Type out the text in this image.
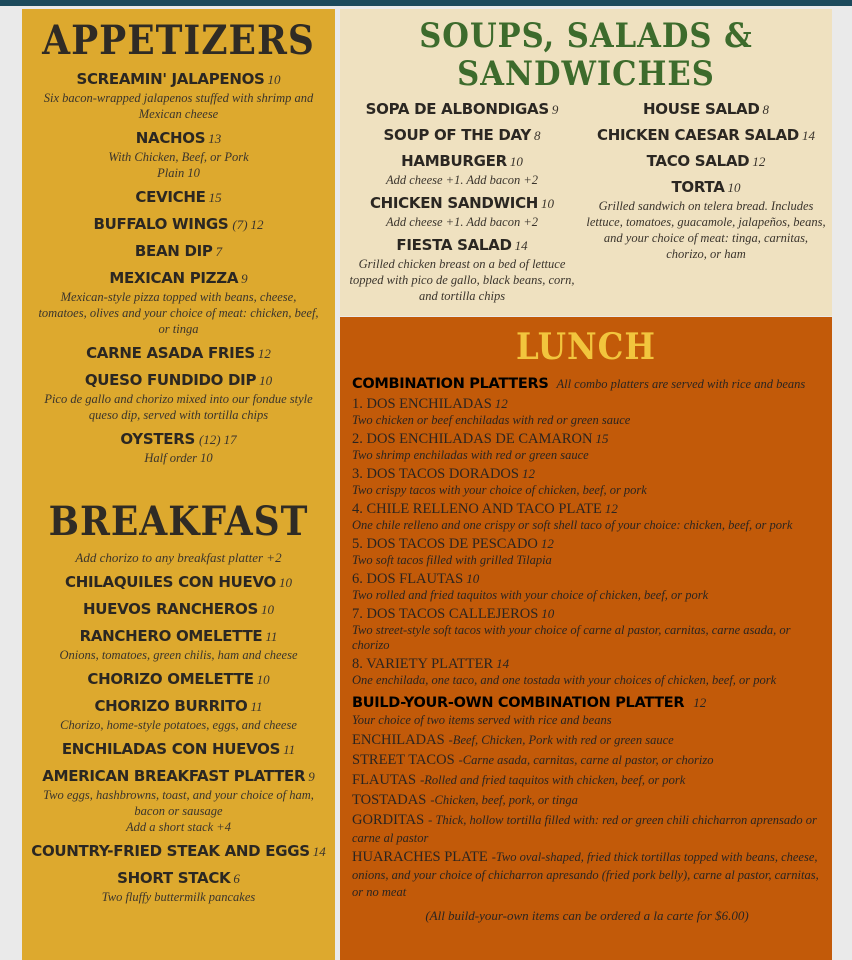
APPETIZERS
SCREAMIN' JALAPENOS 10
Six bacon-wrapped jalapenos stuffed with shrimp and Mexican cheese
NACHOS 13
With Chicken, Beef, or Pork
Plain 10
CEVICHE 15
BUFFALO WINGS (7) 12
BEAN DIP 7
MEXICAN PIZZA 9
Mexican-style pizza topped with beans, cheese, tomatoes, olives and your choice of meat: chicken, beef, or tinga
CARNE ASADA FRIES 12
QUESO FUNDIDO DIP 10
Pico de gallo and chorizo mixed into our fondue style queso dip, served with tortilla chips
OYSTERS (12) 17
Half order 10
BREAKFAST
Add chorizo to any breakfast platter +2
CHILAQUILES CON HUEVO 10
HUEVOS RANCHEROS 10
RANCHERO OMELETTE 11
Onions, tomatoes, green chilis, ham and cheese
CHORIZO OMELETTE 10
CHORIZO BURRITO 11
Chorizo, home-style potatoes, eggs, and cheese
ENCHILADAS CON HUEVOS 11
AMERICAN BREAKFAST PLATTER 9
Two eggs, hashbrowns, toast, and your choice of ham, bacon or sausage
Add a short stack +4
COUNTRY-FRIED STEAK AND EGGS 14
SHORT STACK 6
Two fluffy buttermilk pancakes
SOUPS, SALADS &
SANDWICHES
SOPA DE ALBONDIGAS 9
SOUP OF THE DAY 8
HAMBURGER 10
Add cheese +1. Add bacon +2
CHICKEN SANDWICH 10
Add cheese +1. Add bacon +2
FIESTA SALAD 14
Grilled chicken breast on a bed of lettuce topped with pico de gallo, black beans, corn, and tortilla chips
HOUSE SALAD 8
CHICKEN CAESAR SALAD 14
TACO SALAD 12
TORTA 10
Grilled sandwich on telera bread. Includes lettuce, tomatoes, guacamole, jalapeños, beans, and your choice of meat: tinga, carnitas, chorizo, or ham
LUNCH
COMBINATION PLATTERS All combo platters are served with rice and beans
1. DOS ENCHILADAS 12
Two chicken or beef enchiladas with red or green sauce
2. DOS ENCHILADAS DE CAMARON 15
Two shrimp enchiladas with red or green sauce
3. DOS TACOS DORADOS 12
Two crispy tacos with your choice of chicken, beef, or pork
4. CHILE RELLENO AND TACO PLATE 12
One chile relleno and one crispy or soft shell taco of your choice: chicken, beef, or pork
5. DOS TACOS DE PESCADO 12
Two soft tacos filled with grilled Tilapia
6. DOS FLAUTAS 10
Two rolled and fried taquitos with your choice of chicken, beef, or pork
7. DOS TACOS CALLEJEROS 10
Two street-style soft tacos with your choice of carne al pastor, carnitas, carne asada, or chorizo
8. VARIETY PLATTER 14
One enchilada, one taco, and one tostada with your choices of chicken, beef, or pork
BUILD-YOUR-OWN COMBINATION PLATTER 12
Your choice of two items served with rice and beans
ENCHILADAS -Beef, Chicken, Pork with red or green sauce
STREET TACOS -Carne asada, carnitas, carne al pastor, or chorizo
FLAUTAS -Rolled and fried taquitos with chicken, beef, or pork
TOSTADAS -Chicken, beef, pork, or tinga
GORDITAS - Thick, hollow tortilla filled with: red or green chili chicharron aprensado or carne al pastor
HUARACHES PLATE -Two oval-shaped, fried thick tortillas topped with beans, cheese, onions, and your choice of chicharron apresando (fried pork belly), carne al pastor, carnitas, or no meat
(All build-your-own items can be ordered a la carte for $6.00)
